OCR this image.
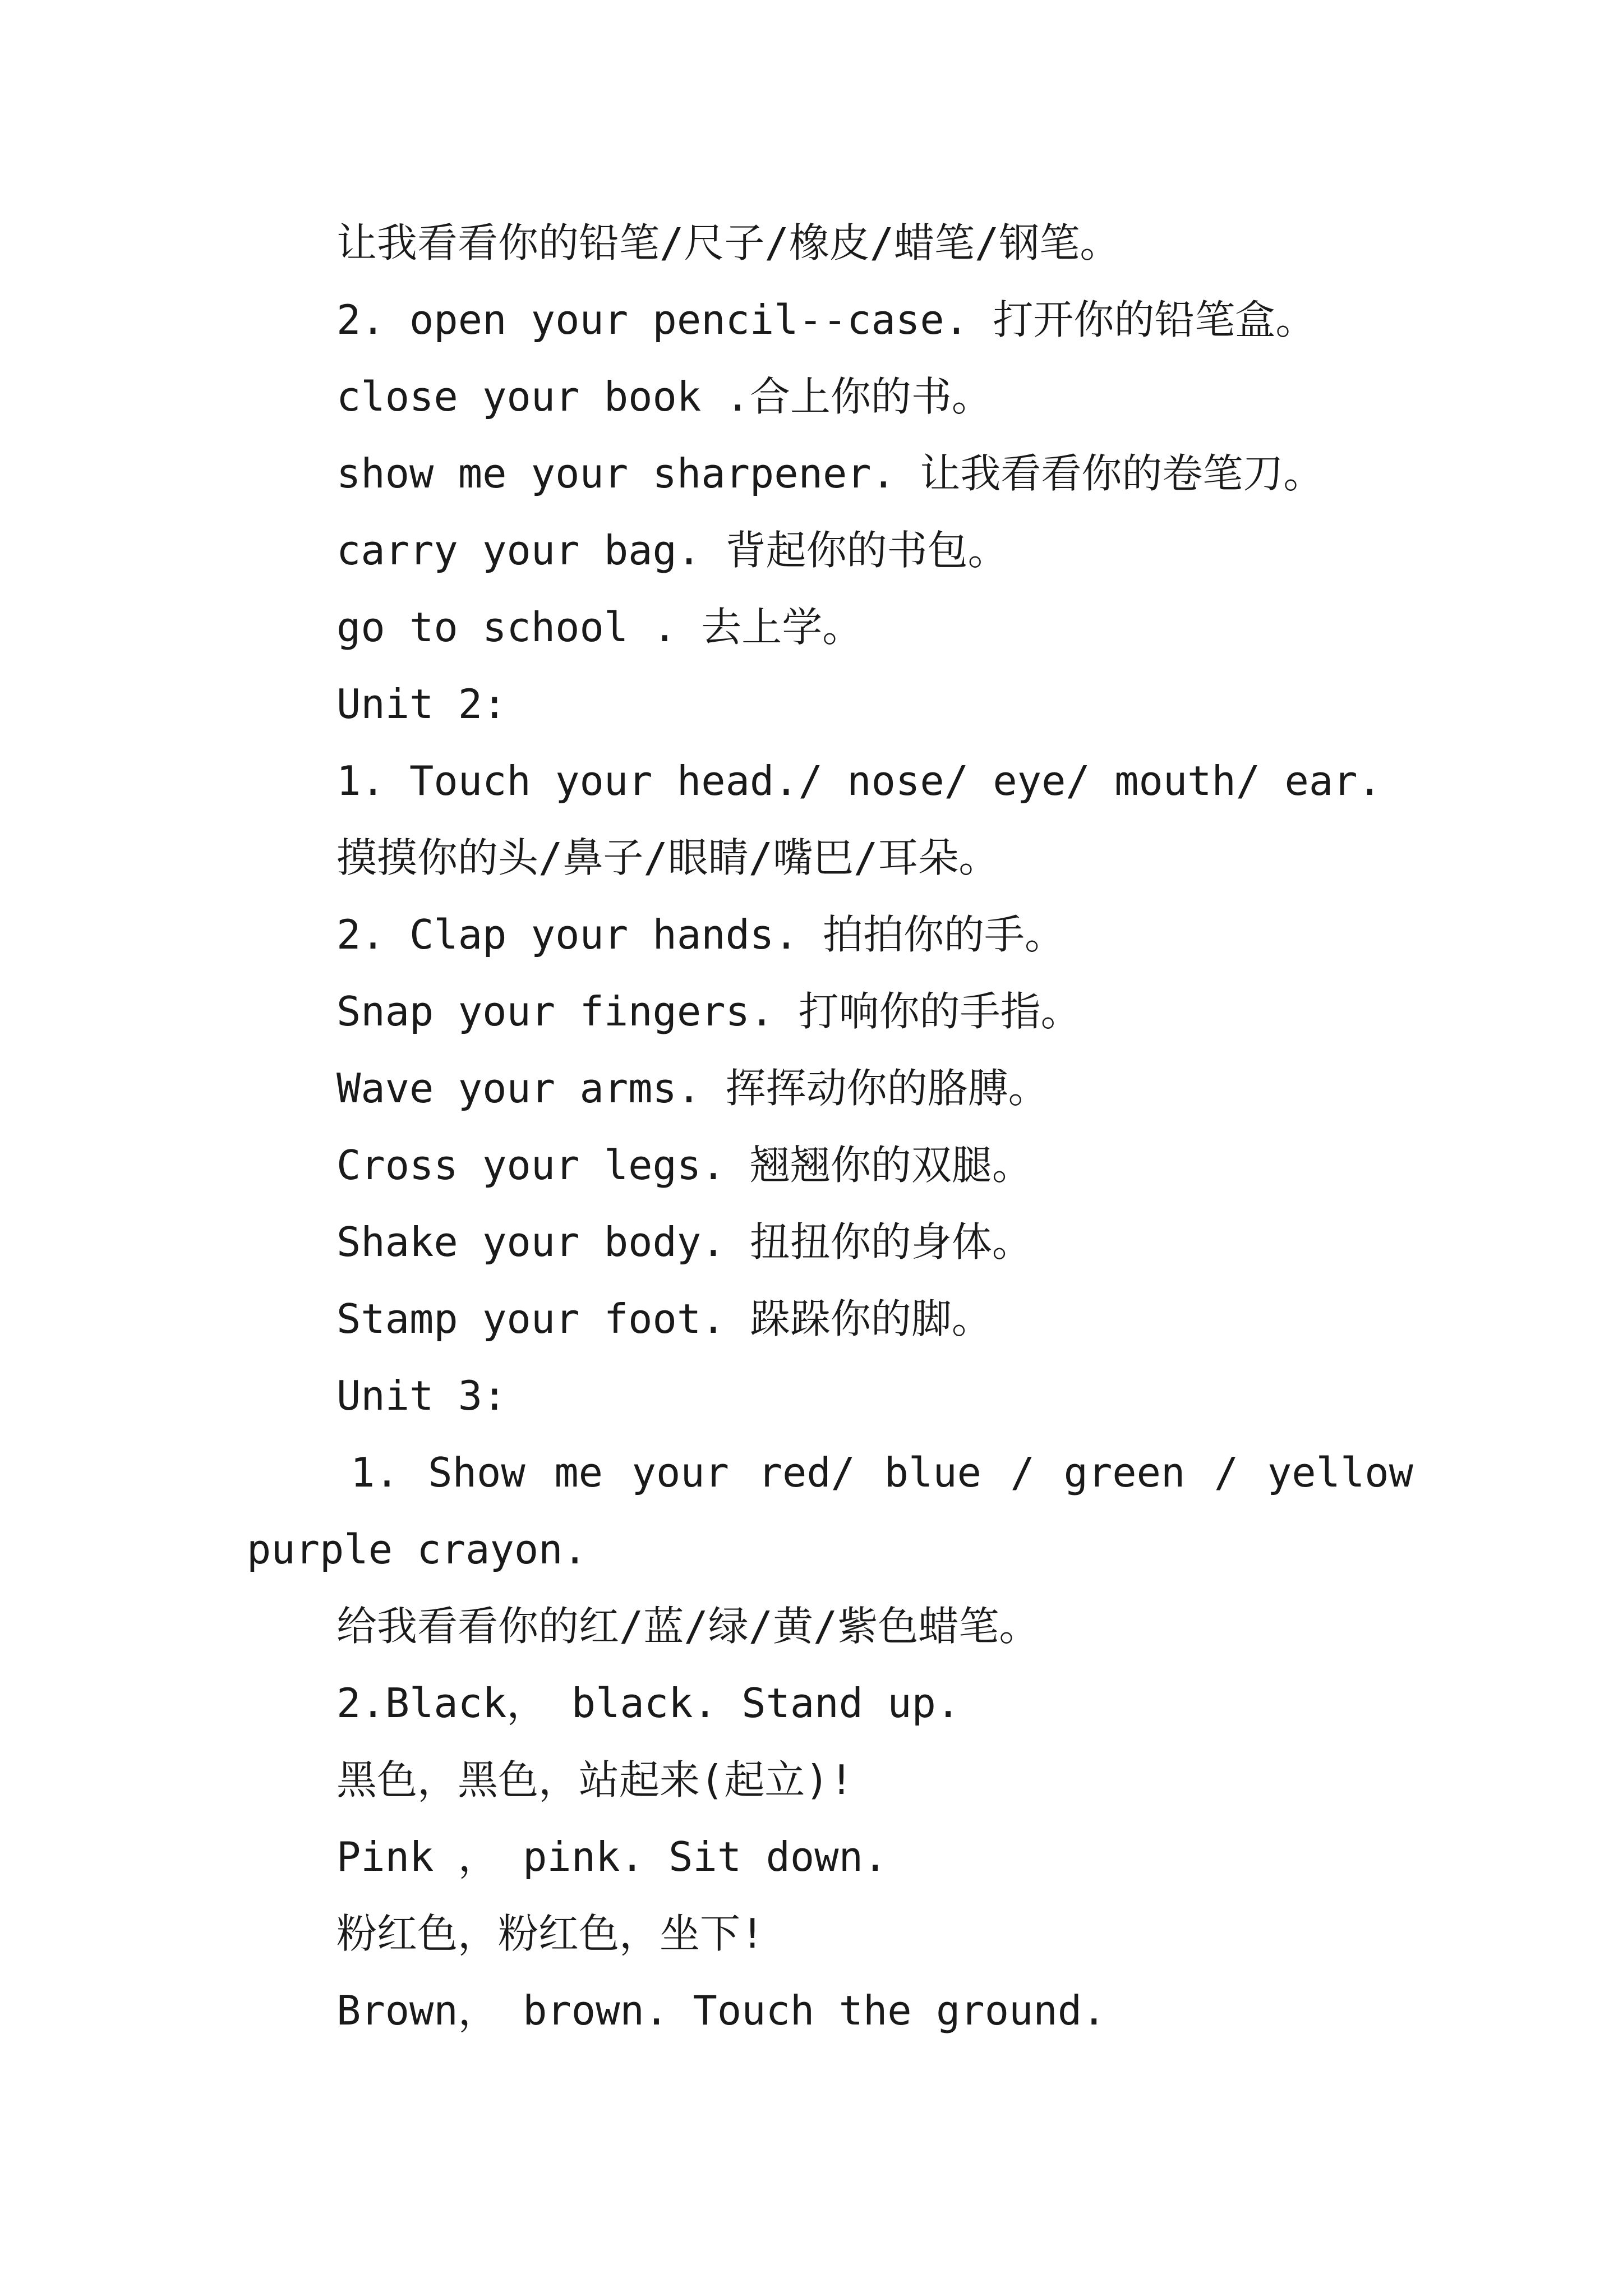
让我看看你的铅笔/尺子/橡皮/蜡笔/钢笔。
2. open your pencil--case. 打开你的铅笔盒。
close your book .合上你的书。
show me your sharpener. 让我看看你的卷笔刀。
carry your bag. 背起你的书包。
go to school . 去上学。
Unit 2:
1. Touch your head./ nose/ eye/ mouth/ ear.
摸摸你的头/鼻子/眼睛/嘴巴/耳朵。
2. Clap your hands. 拍拍你的手。
Snap your fingers. 打响你的手指。
Wave your arms. 挥挥动你的胳膊。
Cross your legs. 翘翘你的双腿。
Shake your body. 扭扭你的身体。
Stamp your foot. 跺跺你的脚。
Unit 3:
1. Show me your red/ blue / green / yellow
purple crayon.
给我看看你的红/蓝/绿/黄/紫色蜡笔。
2.Black， black. Stand up.
黑色，黑色，站起来(起立)!
Pink ， pink. Sit down.
粉红色，粉红色，坐下!
Brown， brown. Touch the ground.
